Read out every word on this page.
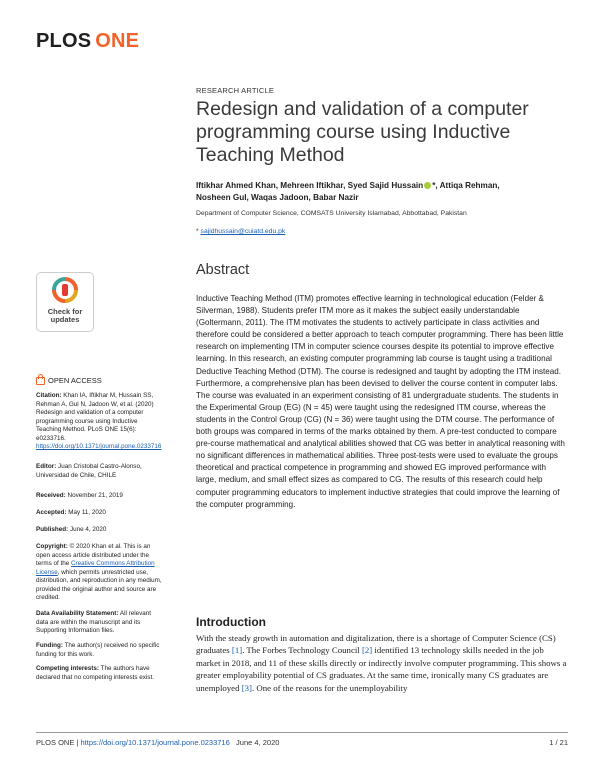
PLOS ONE
RESEARCH ARTICLE
Redesign and validation of a computer programming course using Inductive Teaching Method
Iftikhar Ahmed Khan, Mehreen Iftikhar, Syed Sajid Hussain *, Attiqa Rehman,
Nosheen Gul, Waqas Jadoon, Babar Nazir
Department of Computer Science, COMSATS University Islamabad, Abbottabad, Pakistan
* sajidhussain@cuiatd.edu.pk
Abstract
Inductive Teaching Method (ITM) promotes effective learning in technological education (Felder & Silverman, 1988). Students prefer ITM more as it makes the subject easily understandable (Goltermann, 2011). The ITM motivates the students to actively participate in class activities and therefore could be considered a better approach to teach computer programming. There has been little research on implementing ITM in computer science courses despite its potential to improve effective learning. In this research, an existing computer programming lab course is taught using a traditional Deductive Teaching Method (DTM). The course is redesigned and taught by adopting the ITM instead. Furthermore, a comprehensive plan has been devised to deliver the course content in computer labs. The course was evaluated in an experiment consisting of 81 undergraduate students. The students in the Experimental Group (EG) (N = 45) were taught using the redesigned ITM course, whereas the students in the Control Group (CG) (N = 36) were taught using the DTM course. The performance of both groups was compared in terms of the marks obtained by them. A pre-test conducted to compare pre-course mathematical and analytical abilities showed that CG was better in analytical reasoning with no significant differences in mathematical abilities. Three post-tests were used to evaluate the groups theoretical and practical competence in programming and showed EG improved performance with large, medium, and small effect sizes as compared to CG. The results of this research could help computer programming educators to implement inductive strategies that could improve the learning of the computer programming.
Introduction
With the steady growth in automation and digitalization, there is a shortage of Computer Science (CS) graduates [1]. The Forbes Technology Council [2] identified 13 technology skills needed in the job market in 2018, and 11 of these skills directly or indirectly involve computer programming. This shows a greater employability potential of CS graduates. At the same time, ironically many CS graduates are unemployed [3]. One of the reasons for the unemployability
Check for
updates
OPEN ACCESS
Citation: Khan IA, Iftikhar M, Hussain SS, Rehman A, Gul N, Jadoon W, et al. (2020) Redesign and validation of a computer programming course using Inductive Teaching Method. PLoS ONE 15(6): e0233716. https://doi.org/10.1371/journal.pone.0233716
Editor: Juan Cristobal Castro-Alonso, Universidad de Chile, CHILE
Received: November 21, 2019
Accepted: May 11, 2020
Published: June 4, 2020
Copyright: © 2020 Khan et al. This is an open access article distributed under the terms of the Creative Commons Attribution License, which permits unrestricted use, distribution, and reproduction in any medium, provided the original author and source are credited.
Data Availability Statement: All relevant data are within the manuscript and its Supporting Information files.
Funding: The author(s) received no specific funding for this work.
Competing interests: The authors have declared that no competing interests exist.
PLOS ONE | https://doi.org/10.1371/journal.pone.0233716 June 4, 2020	1 / 21
